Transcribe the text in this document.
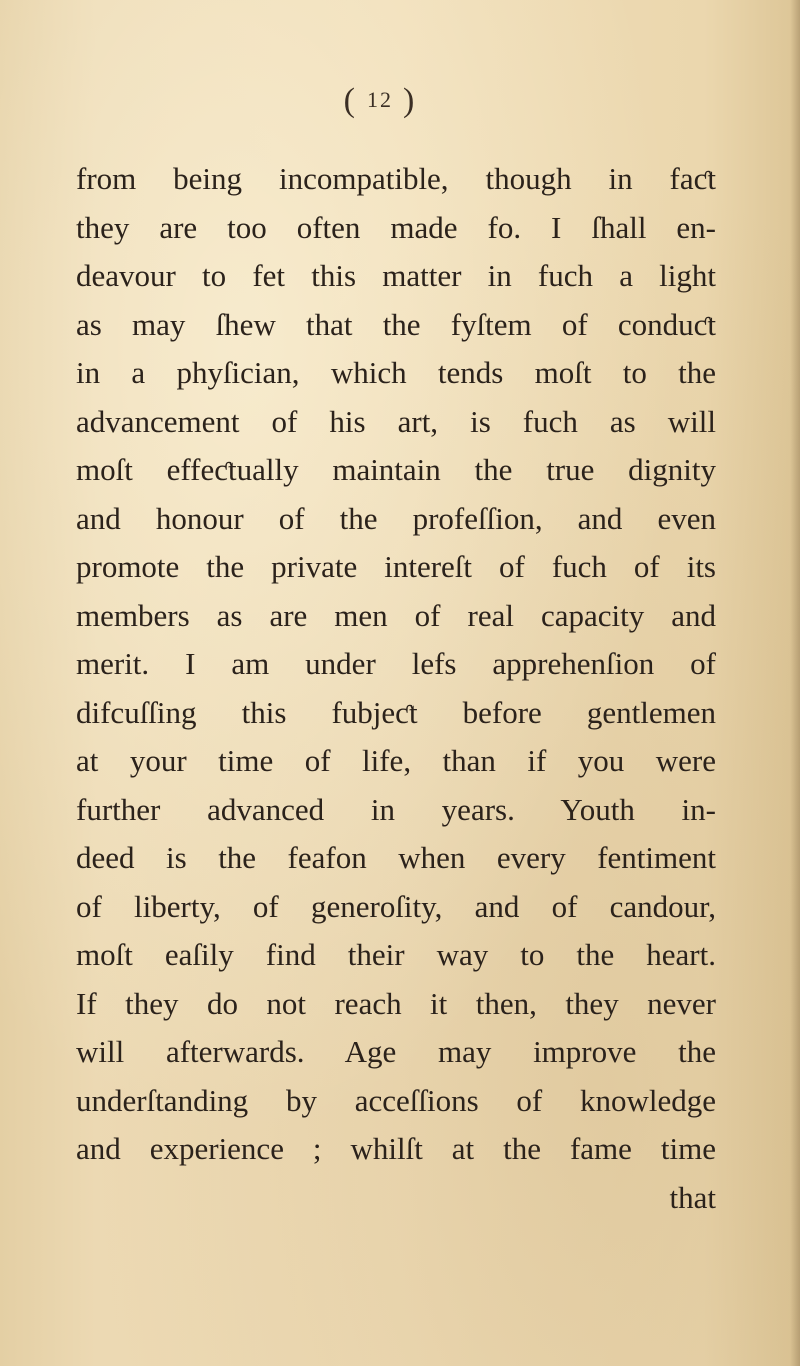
( 12 )
from being incompatible, though in faƈt
they are too often made fo. I ſhall en-
deavour to fet this matter in fuch a light
as may ſhew that the fyſtem of conduƈt
in a phyſician, which tends moſt to the
advancement of his art, is fuch as will
moſt effeƈtually maintain the true dignity
and honour of the profeſſion, and even
promote the private intereſt of fuch of its
members as are men of real capacity and
merit. I am under lefs apprehenſion of
difcuſſing this fubjeƈt before gentlemen
at your time of life, than if you were
further advanced in years. Youth in-
deed is the feafon when every fentiment
of liberty, of generoſity, and of candour,
moſt eaſily find their way to the heart.
If they do not reach it then, they never
will afterwards. Age may improve the
underſtanding by acceſſions of knowledge
and experience ; whilſt at the fame time
that
